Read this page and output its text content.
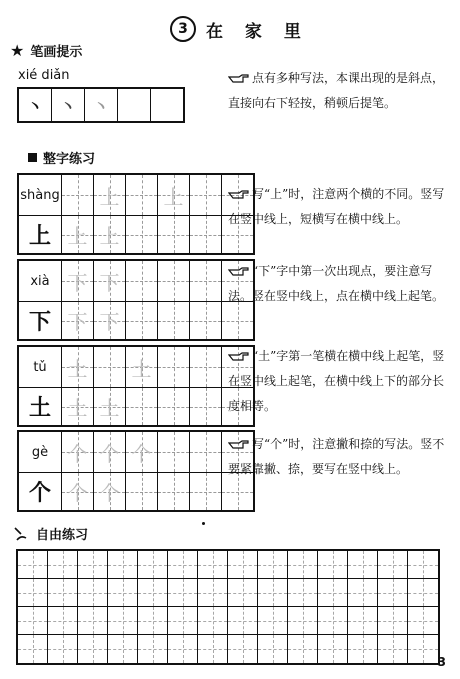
3	在 家 里
★ 笔画提示
xié diǎn
丶	丶	丶
点有多种写法，本课出现的是斜点，直接向右下轻按，稍顿后提笔。
整字练习
shàng
上
上 上
上 上
写“上”时，注意两个横的不同。竖写在竖中线上，短横写在横中线上。
xià
下
下 下
下 下
“下”字中第一次出现点，要注意写法。竖在竖中线上，点在横中线上起笔。
tǔ
土
土 土
土 土
“土”字第一笔横在横中线上起笔，竖在竖中线上起笔，在横中线上下的部分长度相等。
gè
个
个 个 个
个 个
写“个”时，注意撇和捺的写法。竖不要紧靠撇、捺，要写在竖中线上。
自由练习
3
